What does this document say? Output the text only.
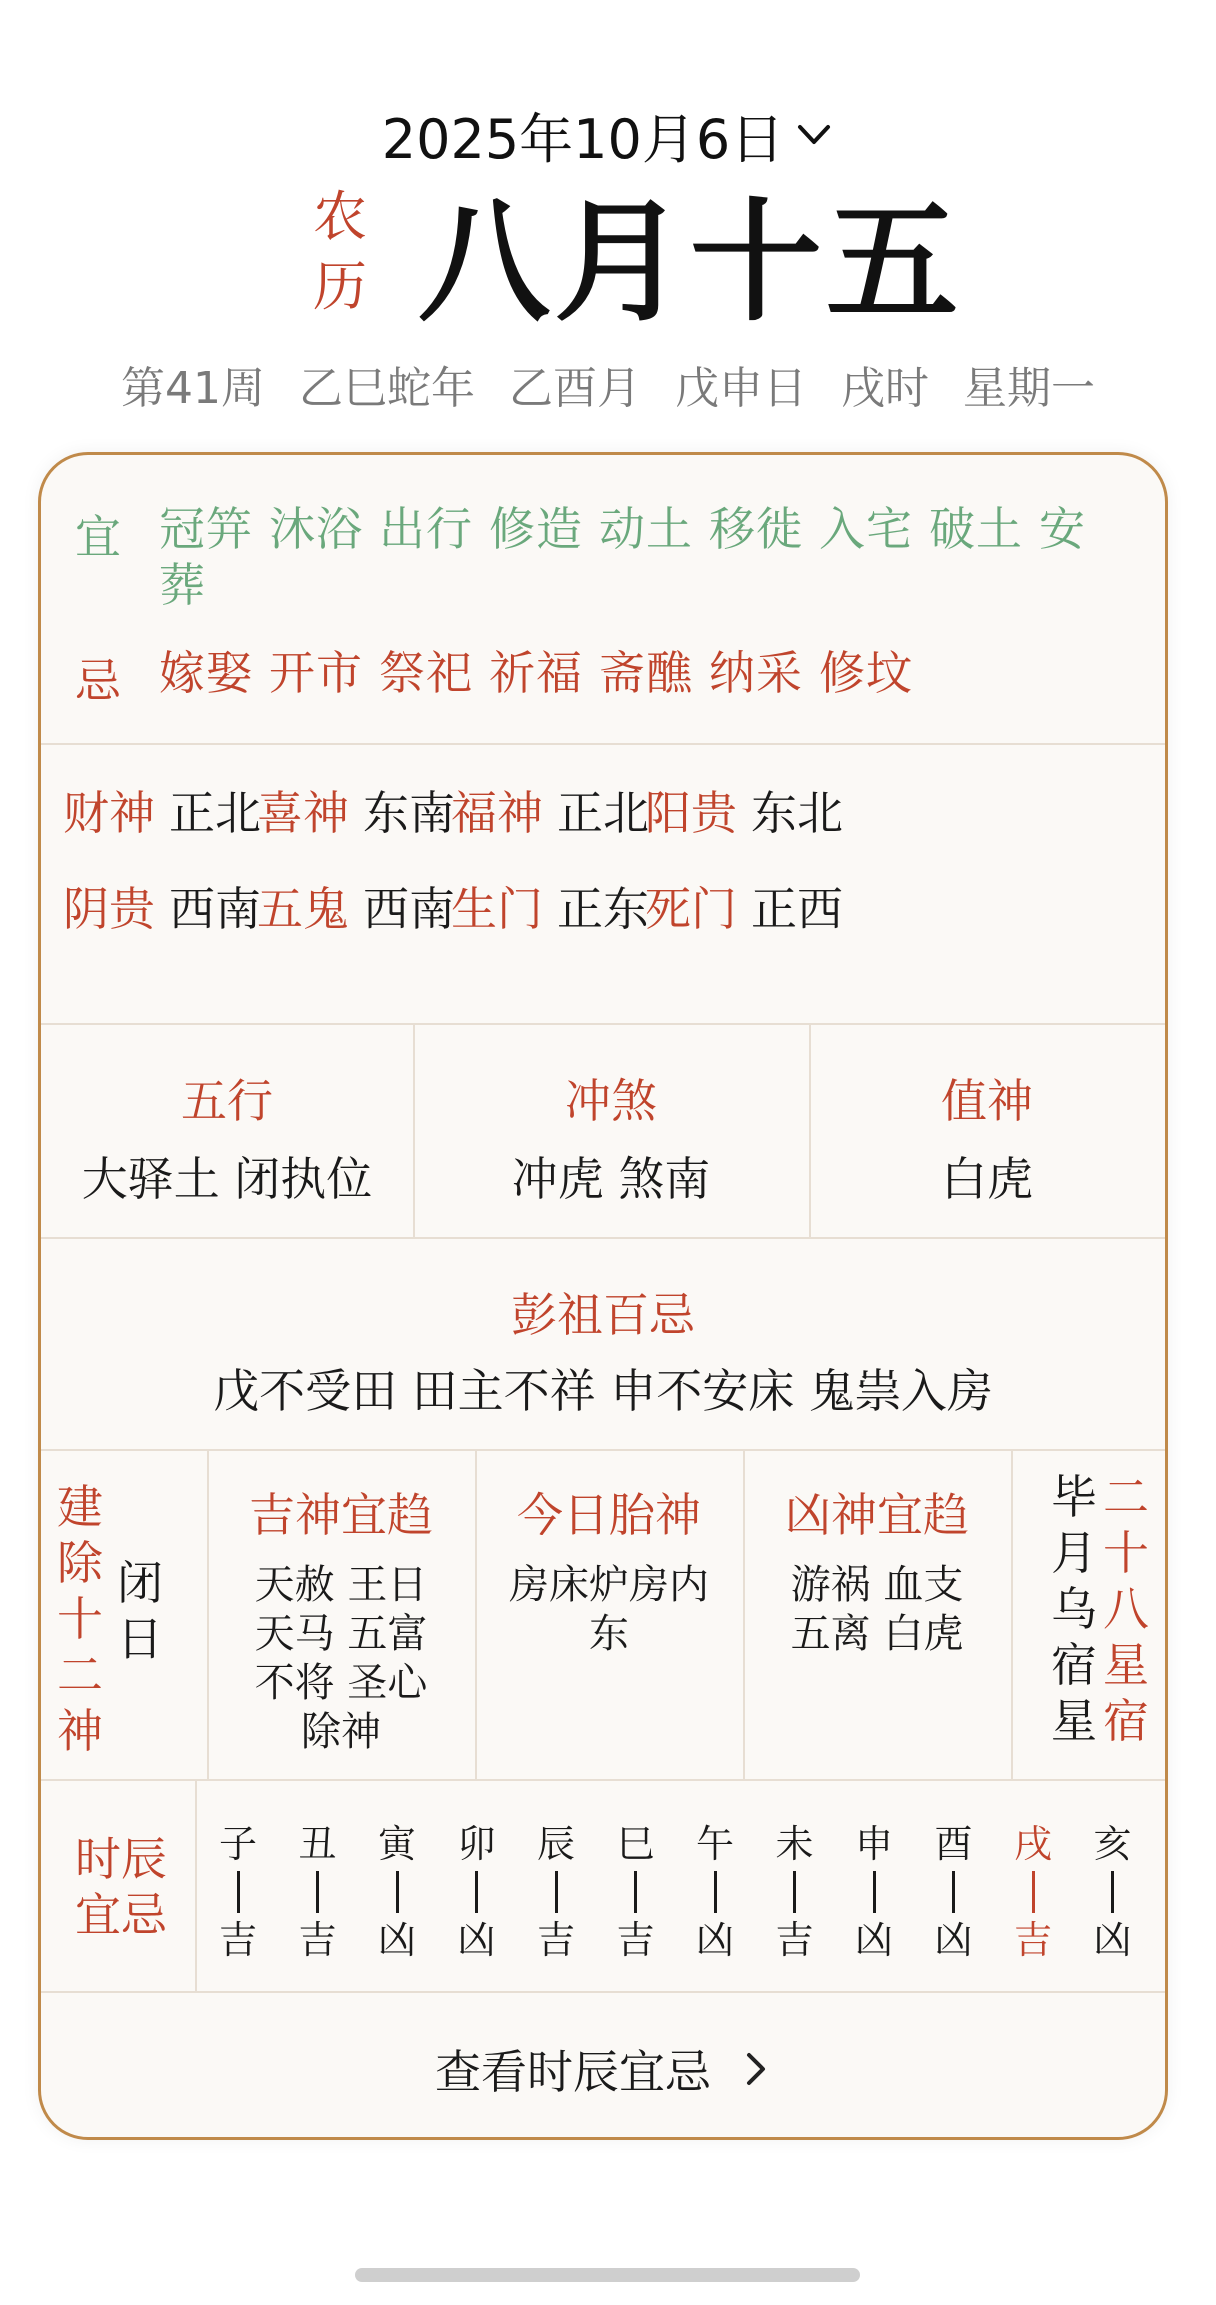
2025年10月6日
农
历 八月十五
第41周 乙巳蛇年 乙酉月 戊申日 戌时 星期一
宜 冠笄 沐浴 出行 修造 动土 移徙 入宅 破土 安葬
忌 嫁娶 开市 祭祀 祈福 斋醮 纳采 修坟
财神 正北
喜神 东南
福神 正北
阳贵 东北
阴贵 西南
五鬼 西南
生门 正东
死门 正西
五行
大驿土 闭执位
冲煞
冲虎 煞南
值神
白虎
彭祖百忌
戊不受田 田主不祥 申不安床 鬼祟入房
建
除
十
二
神
闭
日
吉神宜趋
天赦 王日
天马 五富
不将 圣心
除神
今日胎神
房床炉房内
东
凶神宜趋
游祸 血支
五离 白虎
毕
月
乌
宿
星
二
十
八
星
宿
时辰
宜忌
子
吉
丑
吉
寅
凶
卯
凶
辰
吉
巳
吉
午
凶
未
吉
申
凶
酉
凶
戌
吉
亥
凶
查看时辰宜忌
